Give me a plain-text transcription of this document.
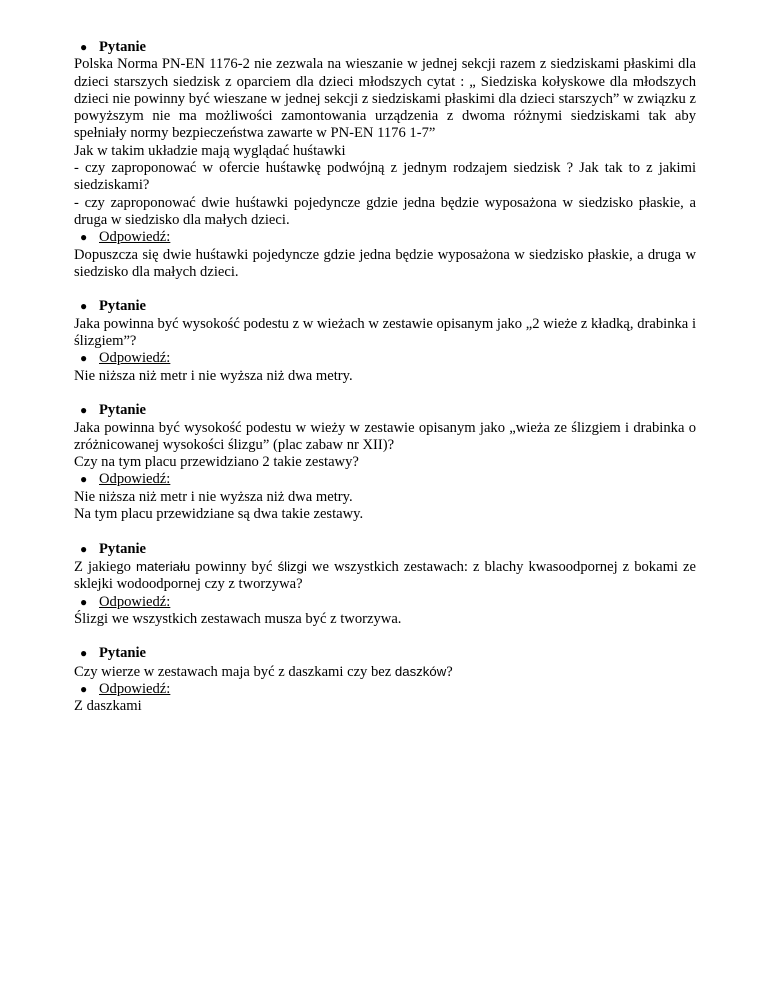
● Pytanie
Polska Norma PN-EN 1176-2 nie zezwala na wieszanie w jednej sekcji razem z siedziskami płaskimi dla dzieci starszych siedzisk z oparciem dla dzieci młodszych cytat : „ Siedziska kołyskowe dla młodszych dzieci nie powinny być wieszane w jednej sekcji z siedziskami płaskimi dla dzieci starszych” w związku z powyższym nie ma możliwości zamontowania urządzenia z dwoma różnymi siedziskami tak aby spełniały normy bezpieczeństwa zawarte w PN-EN 1176 1-7”
Jak w takim układzie mają wyglądać huśtawki
- czy zaproponować w ofercie huśtawkę podwójną z jednym rodzajem siedzisk ? Jak tak to z jakimi siedziskami?
- czy zaproponować dwie huśtawki pojedyncze gdzie jedna będzie wyposażona w siedzisko płaskie, a druga w siedzisko dla małych dzieci.
● Odpowiedź:
Dopuszcza się dwie huśtawki pojedyncze gdzie jedna będzie wyposażona w siedzisko płaskie, a druga w siedzisko dla małych dzieci.
● Pytanie
Jaka powinna być wysokość podestu z w wieżach w zestawie opisanym jako „2 wieże z kładką, drabinka i ślizgiem”?
● Odpowiedź:
Nie niższa niż metr i nie wyższa niż dwa metry.
● Pytanie
Jaka powinna być wysokość podestu w wieży w zestawie opisanym jako „wieża ze ślizgiem i drabinka o zróżnicowanej wysokości ślizgu” (plac zabaw nr XII)?
Czy na tym placu przewidziano 2 takie zestawy?
● Odpowiedź:
Nie niższa niż metr i nie wyższa niż dwa metry.
Na tym placu przewidziane są dwa takie zestawy.
● Pytanie
Z jakiego materiału powinny być ślizgi we wszystkich zestawach: z blachy kwasoodpornej z bokami ze sklejki wodoodpornej czy z tworzywa?
● Odpowiedź:
Ślizgi we wszystkich zestawach musza być z tworzywa.
● Pytanie
Czy wierze w zestawach maja być z daszkami czy bez daszków?
● Odpowiedź:
Z daszkami
